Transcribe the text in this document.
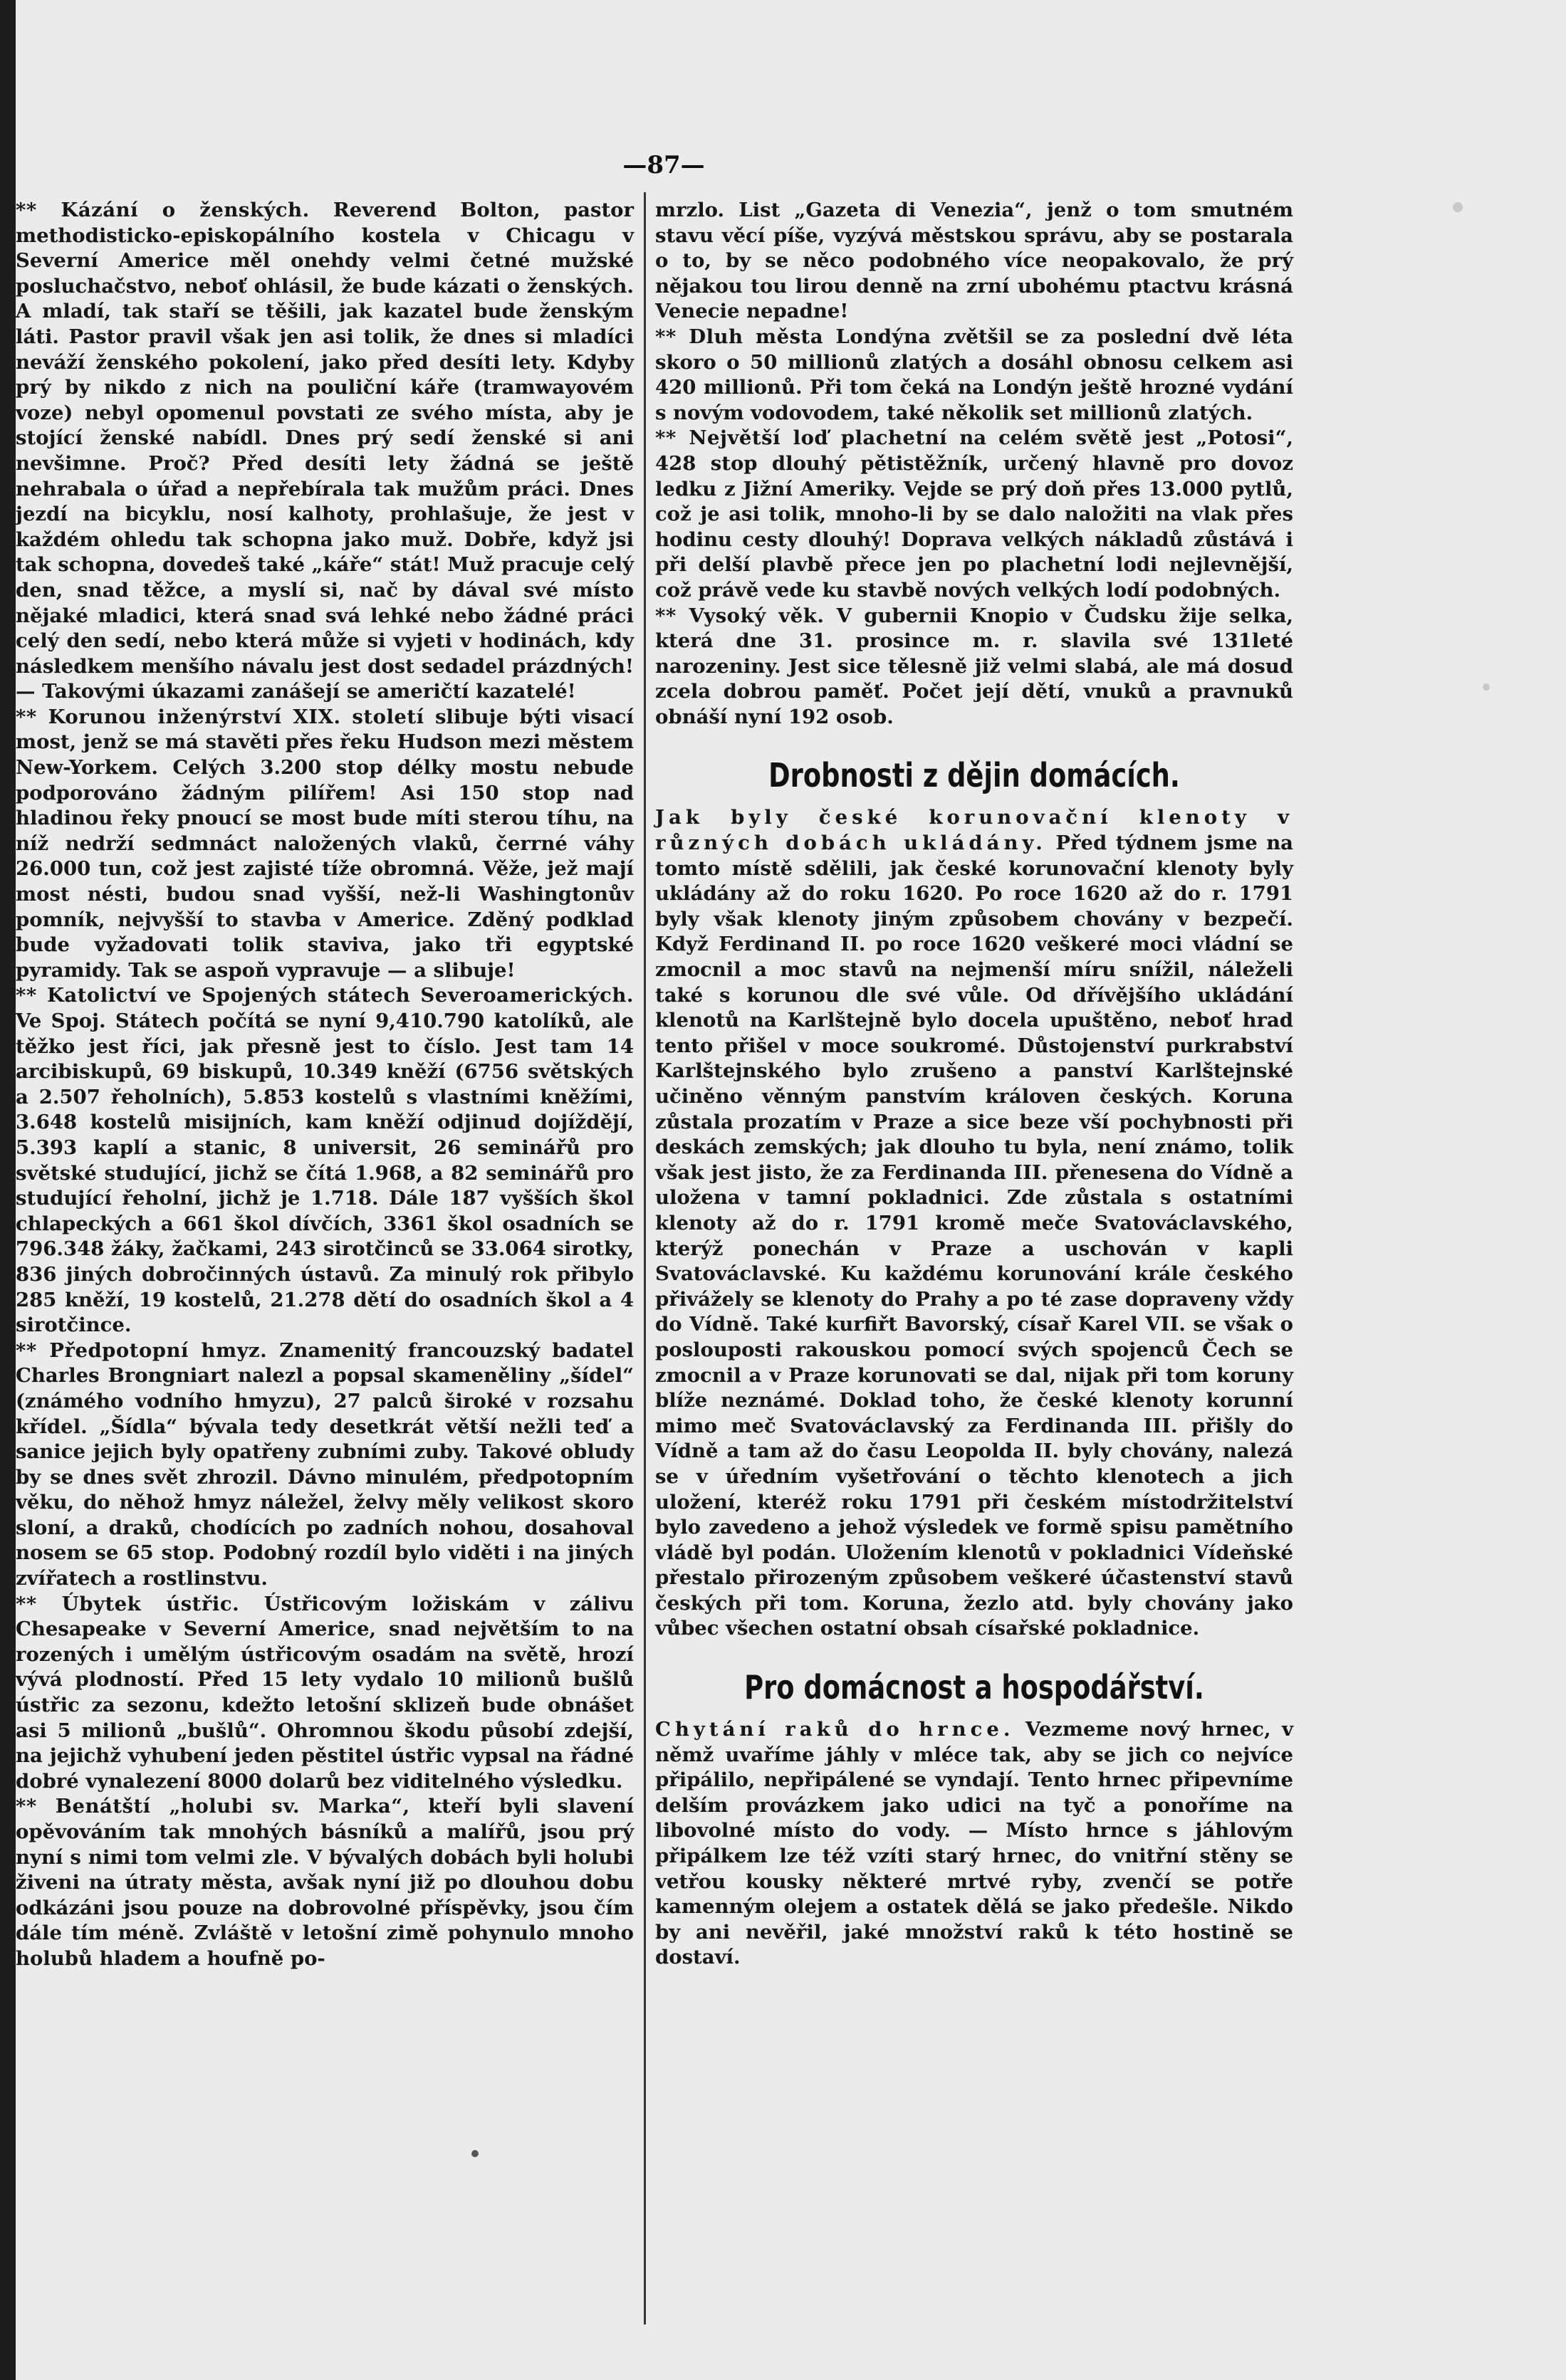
—87—

** Kázání o ženských. Reverend Bolton, pastor methodisticko-episkopálního kostela v Chicagu v Severní Americe měl onehdy velmi četné mužské posluchačstvo, neboť ohlásil, že bude kázati o ženských. A mladí, tak staří se těšili, jak kazatel bude ženským láti. Pastor pravil však jen asi tolik, že dnes si mladíci neváží ženského pokolení, jako před desíti lety. Kdyby prý by nikdo z nich na pouliční káře (tramwayovém voze) nebyl opomenul povstati ze svého místa, aby je stojící ženské nabídl. Dnes prý sedí ženské si ani nevšimne. Proč? Před desíti lety žádná se ještě nehrabala o úřad a nepřebírala tak mužům práci. Dnes jezdí na bicyklu, nosí kalhoty, prohlašuje, že jest v každém ohledu tak schopna jako muž. Dobře, když jsi tak schopna, dovedeš také „káře“ stát! Muž pracuje celý den, snad těžce, a myslí si, nač by dával své místo nějaké mladici, která snad svá lehké nebo žádné práci celý den sedí, nebo která může si vyjeti v hodinách, kdy následkem menšího návalu jest dost sedadel prázdných! — Takovými úkazami zanášejí se američtí kazatelé!

** Korunou inženýrství XIX. století slibuje býti visací most, jenž se má stavěti přes řeku Hudson mezi městem New-Yorkem. Celých 3.200 stop délky mostu nebude podporováno žádným pilířem! Asi 150 stop nad hladinou řeky pnoucí se most bude míti sterou tíhu, na níž nedrží sedmnáct naložených vlaků, čerrné váhy 26.000 tun, což jest zajisté tíže obromná. Věže, jež mají most nésti, budou snad vyšší, než-li Washingtonův pomník, nejvyšší to stavba v Americe. Zděný podklad bude vyžadovati tolik staviva, jako tři egyptské pyramidy. Tak se aspoň vypravuje — a slibuje!

** Katolictví ve Spojených státech Severoamerických. Ve Spoj. Státech počítá se nyní 9,410.790 katolíků, ale těžko jest říci, jak přesně jest to číslo. Jest tam 14 arcibiskupů, 69 biskupů, 10.349 kněží (6756 světských a 2.507 řeholních), 5.853 kostelů s vlastními kněžími, 3.648 kostelů misijních, kam kněží odjinud dojíždějí, 5.393 kaplí a stanic, 8 universit, 26 seminářů pro světské studující, jichž se čítá 1.968, a 82 seminářů pro studující řeholní, jichž je 1.718. Dále 187 vyšších škol chlapeckých a 661 škol dívčích, 3361 škol osadních se 796.348 žáky, žačkami, 243 sirotčinců se 33.064 sirotky, 836 jiných dobročinných ústavů. Za minulý rok přibylo 285 kněží, 19 kostelů, 21.278 dětí do osadních škol a 4 sirotčince.

** Předpotopní hmyz. Znamenitý francouzský badatel Charles Brongniart nalezl a popsal skameněliny „šídel“ (známého vodního hmyzu), 27 palců široké v rozsahu křídel. „Šídla“ bývala tedy desetkrát větší nežli teď a sanice jejich byly opatřeny zubními zuby. Takové obludy by se dnes svět zhrozil. Dávno minulém, předpotopním věku, do něhož hmyz náležel, želvy měly velikost skoro sloní, a draků, chodících po zadních nohou, dosahoval nosem se 65 stop. Podobný rozdíl bylo viděti i na jiných zvířatech a rostlinstvu.

** Úbytek ústřic. Ústřicovým ložiskám v zálivu Chesapeake v Severní Americe, snad největším to na rozených i umělým ústřicovým osadám na světě, hrozí vývá plodností. Před 15 lety vydalo 10 milionů bušlů ústřic za sezonu, kdežto letošní sklizeň bude obnášet asi 5 milionů „bušlů“. Ohromnou škodu působí zdejší, na jejichž vyhubení jeden pěstitel ústřic vypsal na řádné dobré vynalezení 8000 dolarů bez viditelného výsledku.

** Benátští „holubi sv. Marka“, kteří byli slavení opěvováním tak mnohých básníků a malířů, jsou prý nyní s nimi tom velmi zle. V bývalých dobách byli holubi živeni na útraty města, avšak nyní již po dlouhou dobu odkázáni jsou pouze na dobrovolné příspěvky, jsou čím dále tím méně. Zvláště v letošní zimě pohynulo mnoho holubů hladem a houfně po-

mrzlo. List „Gazeta di Venezia“, jenž o tom smutném stavu věcí píše, vyzývá městskou správu, aby se postarala o to, by se něco podobného více neopakovalo, že prý nějakou tou lirou denně na zrní ubohému ptactvu krásná Venecie nepadne!

** Dluh města Londýna zvětšil se za poslední dvě léta skoro o 50 millionů zlatých a dosáhl obnosu celkem asi 420 millionů. Při tom čeká na Londýn ještě hrozné vydání s novým vodovodem, také několik set millionů zlatých.

** Největší loď plachetní na celém světě jest „Potosi“, 428 stop dlouhý pětistěžník, určený hlavně pro dovoz ledku z Jižní Ameriky. Vejde se prý doň přes 13.000 pytlů, což je asi tolik, mnoho-li by se dalo naložiti na vlak přes hodinu cesty dlouhý! Doprava velkých nákladů zůstává i při delší plavbě přece jen po plachetní lodi nejlevnější, což právě vede ku stavbě nových velkých lodí podobných.

** Vysoký věk. V gubernii Knopio v Čudsku žije selka, která dne 31. prosince m. r. slavila své 131leté narozeniny. Jest sice tělesně již velmi slabá, ale má dosud zcela dobrou paměť. Počet její dětí, vnuků a pravnuků obnáší nyní 192 osob.

Drobnosti z dějin domácích.

Jak byly české korunovační klenoty v různých dobách ukládány. Před týdnem jsme na tomto místě sdělili, jak české korunovační klenoty byly ukládány až do roku 1620. Po roce 1620 až do r. 1791 byly však klenoty jiným způsobem chovány v bezpečí. Když Ferdinand II. po roce 1620 veškeré moci vládní se zmocnil a moc stavů na nejmenší míru snížil, náleželi také s korunou dle své vůle. Od dřívějšího ukládání klenotů na Karlštejně bylo docela upuštěno, neboť hrad tento přišel v moce soukromé. Důstojenství purkrabství Karlštejnského bylo zrušeno a panství Karlštejnské učiněno věnným panstvím královen českých. Koruna zůstala prozatím v Praze a sice beze vší pochybnosti při deskách zemských; jak dlouho tu byla, není známo, tolik však jest jisto, že za Ferdinanda III. přenesena do Vídně a uložena v tamní pokladnici. Zde zůstala s ostatními klenoty až do r. 1791 kromě meče Svatováclavského, kterýž ponechán v Praze a uschován v kapli Svatováclavské. Ku každému korunování krále českého přivážely se klenoty do Prahy a po té zase dopraveny vždy do Vídně. Také kurfiřt Bavorský, císař Karel VII. se však o poslouposti rakouskou pomocí svých spojenců Čech se zmocnil a v Praze korunovati se dal, nijak při tom koruny blíže neznámé. Doklad toho, že české klenoty korunní mimo meč Svatováclavský za Ferdinanda III. přišly do Vídně a tam až do času Leopolda II. byly chovány, nalezá se v úředním vyšetřování o těchto klenotech a jich uložení, kteréž roku 1791 při českém místodržitelství bylo zavedeno a jehož výsledek ve formě spisu pamětního vládě byl podán. Uložením klenotů v pokladnici Vídeňské přestalo přirozeným způsobem veškeré účastenství stavů českých při tom. Koruna, žezlo atd. byly chovány jako vůbec všechen ostatní obsah císařské pokladnice.

Pro domácnost a hospodářství.

Chytání raků do hrnce. Vezmeme nový hrnec, v němž uvaříme jáhly v mléce tak, aby se jich co nejvíce připálilo, nepřipálené se vyndají. Tento hrnec připevníme delším provázkem jako udici na tyč a ponoříme na libovolné místo do vody. — Místo hrnce s jáhlovým připálkem lze též vzíti starý hrnec, do vnitřní stěny se vetřou kousky některé mrtvé ryby, zvenčí se potře kamenným olejem a ostatek dělá se jako předešle. Nikdo by ani nevěřil, jaké množství raků k této hostině se dostaví.
